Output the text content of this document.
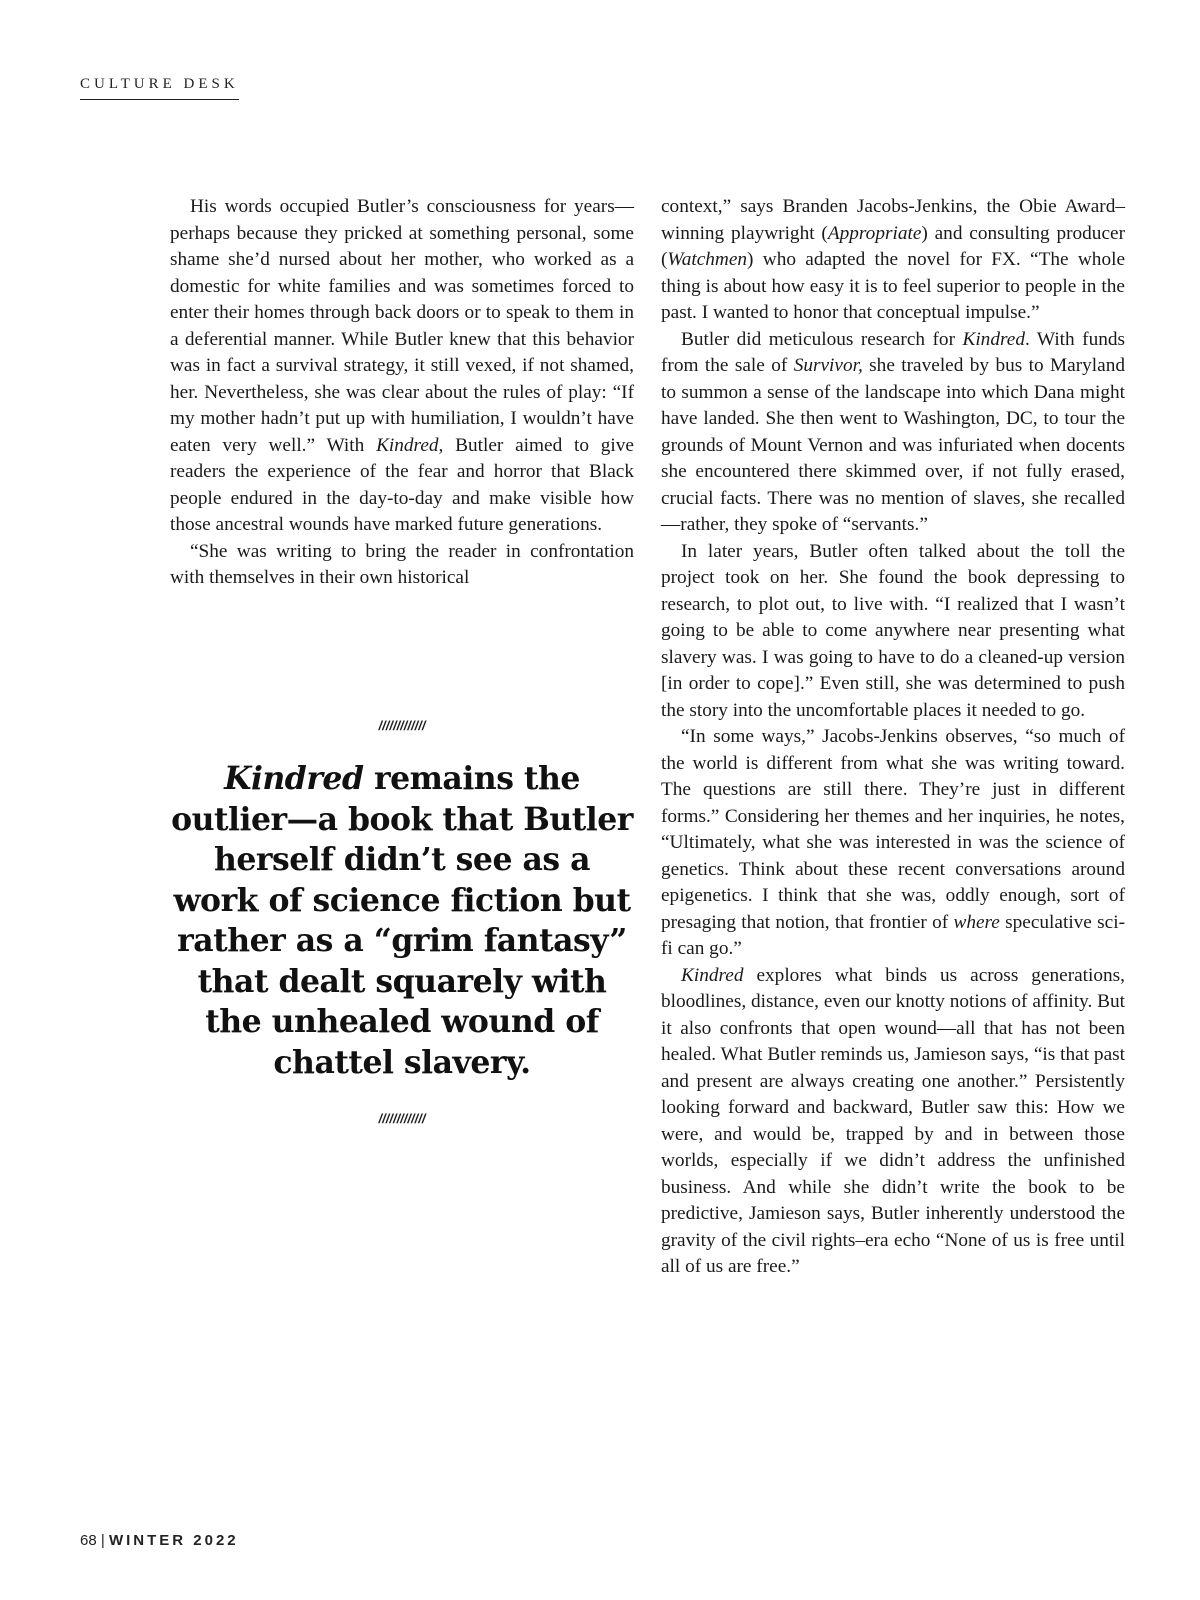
CULTURE DESK

His words occupied Butler’s consciousness for years—perhaps because they pricked at something personal, some shame she’d nursed about her mother, who worked as a domestic for white families and was sometimes forced to enter their homes through back doors or to speak to them in a deferential manner. While Butler knew that this behavior was in fact a survival strategy, it still vexed, if not shamed, her. Nevertheless, she was clear about the rules of play: “If my mother hadn’t put up with humiliation, I wouldn’t have eaten very well.” With Kindred, Butler aimed to give readers the experience of the fear and horror that Black people endured in the day-to-day and make visible how those ancestral wounds have marked future generations.

“She was writing to bring the reader in confrontation with themselves in their own historical

/////////////
Kindred remains the outlier—a book that Butler herself didn’t see as a work of science fiction but rather as a “grim fantasy” that dealt squarely with the unhealed wound of chattel slavery.
/////////////

context,” says Branden Jacobs-Jenkins, the Obie Award–winning playwright (Appropriate) and consulting producer (Watchmen) who adapted the novel for FX. “The whole thing is about how easy it is to feel superior to people in the past. I wanted to honor that conceptual impulse.”

Butler did meticulous research for Kindred. With funds from the sale of Survivor, she traveled by bus to Maryland to summon a sense of the landscape into which Dana might have landed. She then went to Washington, DC, to tour the grounds of Mount Vernon and was infuriated when docents she encountered there skimmed over, if not fully erased, crucial facts. There was no mention of slaves, she recalled—rather, they spoke of “servants.”

In later years, Butler often talked about the toll the project took on her. She found the book depressing to research, to plot out, to live with. “I realized that I wasn’t going to be able to come anywhere near presenting what slavery was. I was going to have to do a cleaned-up version [in order to cope].” Even still, she was determined to push the story into the uncomfortable places it needed to go.

“In some ways,” Jacobs-Jenkins observes, “so much of the world is different from what she was writing toward. The questions are still there. They’re just in different forms.” Considering her themes and her inquiries, he notes, “Ultimately, what she was interested in was the science of genetics. Think about these recent conversations around epigenetics. I think that she was, oddly enough, sort of presaging that notion, that frontier of where speculative sci-fi can go.”

Kindred explores what binds us across generations, bloodlines, distance, even our knotty notions of affinity. But it also confronts that open wound—all that has not been healed. What Butler reminds us, Jamieson says, “is that past and present are always creating one another.” Persistently looking forward and backward, Butler saw this: How we were, and would be, trapped by and in between those worlds, especially if we didn’t address the unfinished business. And while she didn’t write the book to be predictive, Jamieson says, Butler inherently understood the gravity of the civil rights–era echo “None of us is free until all of us are free.”

68 | WINTER 2022
